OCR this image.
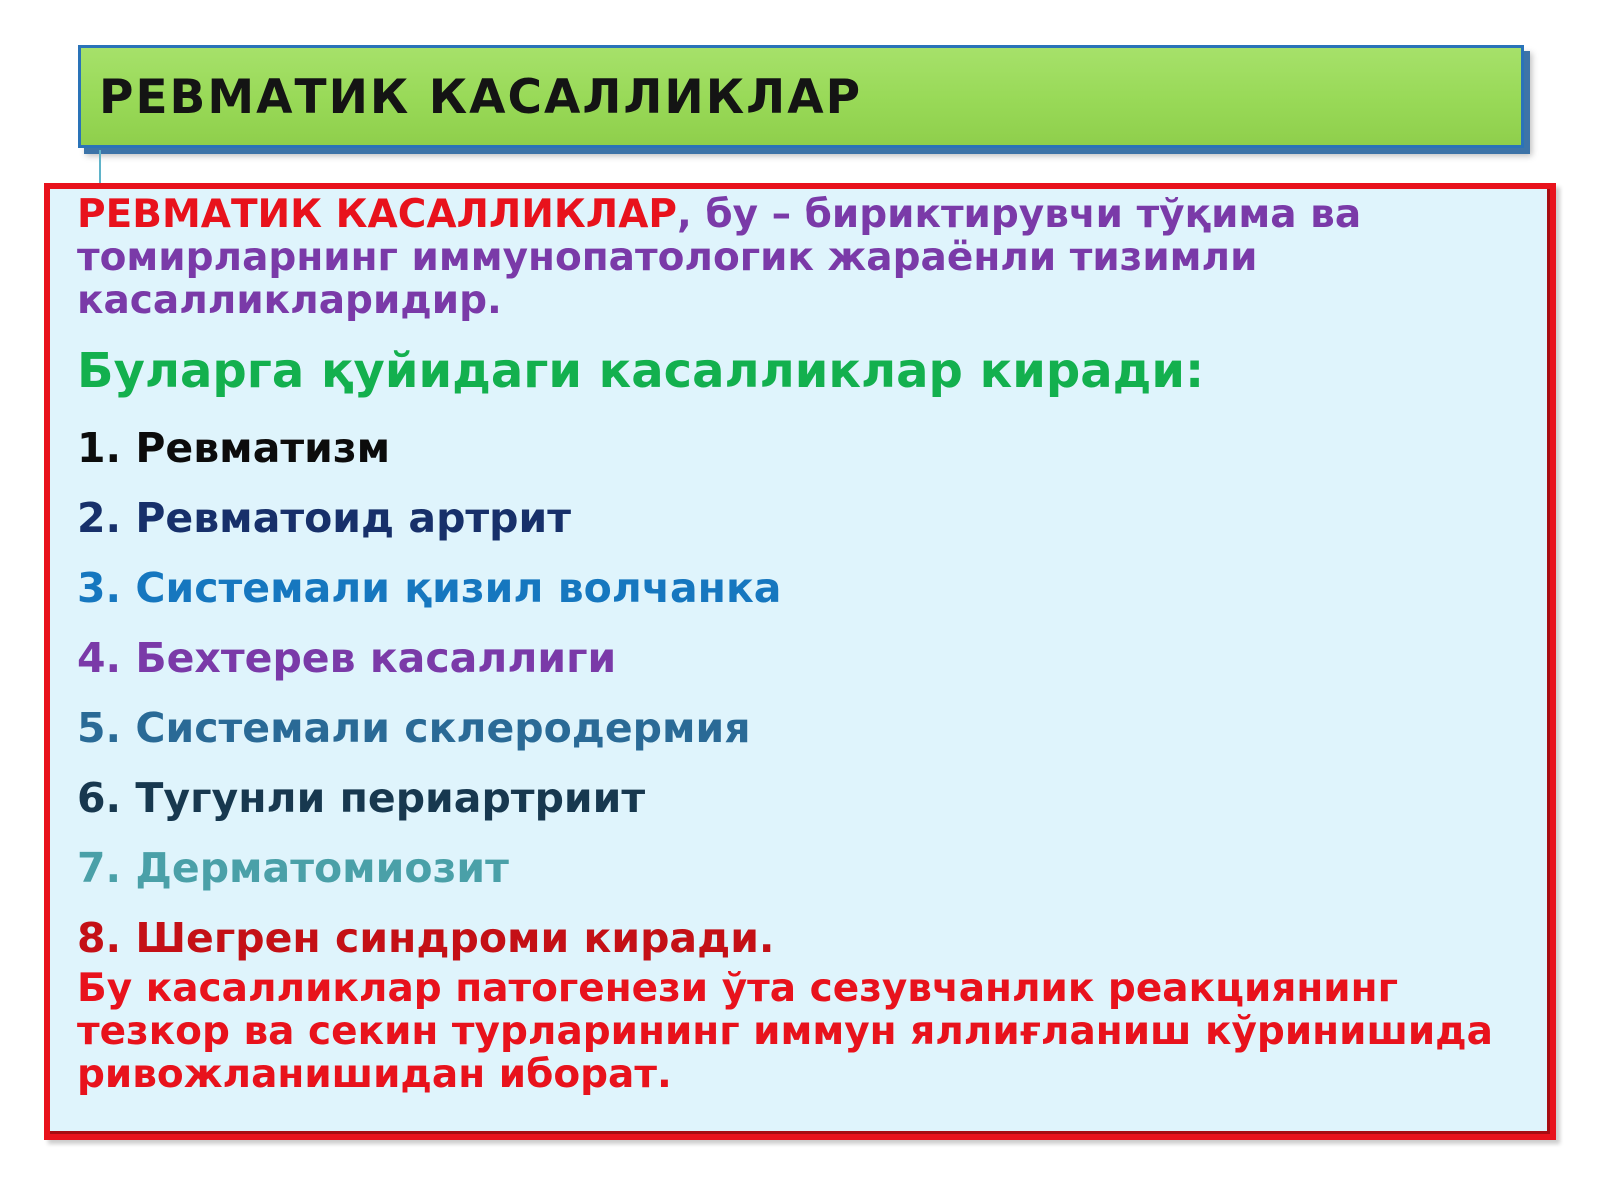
РЕВМАТИК КАСАЛЛИКЛАР

РЕВМАТИК КАСАЛЛИКЛАР, бу – бириктирувчи тўқима ва томирларнинг иммунопатологик жараёнли тизимли касалликларидир.

Буларга қуйидаги касалликлар киради:

1. Ревматизм
2. Ревматоид артрит
3. Системали қизил волчанка
4. Бехтерев касаллиги
5. Системали склеродермия
6. Тугунли периартриит
7. Дерматомиозит
8. Шегрен синдроми киради.

Бу касалликлар патогенези ўта сезувчанлик реакциянинг тезкор ва секин турларининг иммун яллиғланиш кўринишида ривожланишидан иборат.
